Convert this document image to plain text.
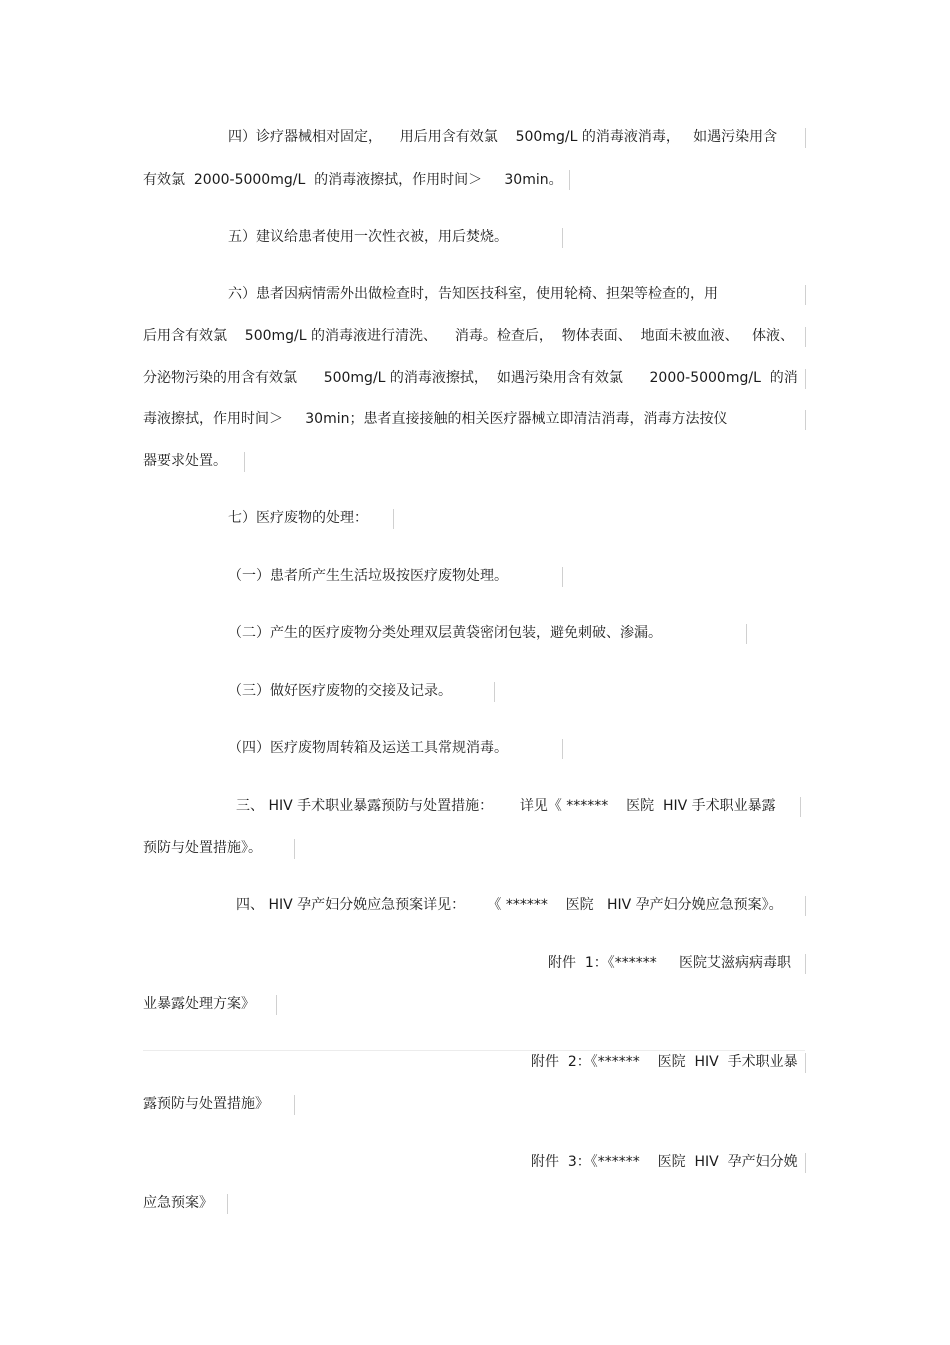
四）诊疗器械相对固定，    用后用含有效氯    500mg/L 的消毒液消毒，   如遇污染用含

有效氯  2000-5000mg/L  的消毒液擦拭，作用时间＞     30min。

五）建议给患者使用一次性衣被，用后焚烧。

六）患者因病情需外出做检查时，告知医技科室，使用轮椅、担架等检查的，用

后用含有效氯    500mg/L 的消毒液进行清洗、    消毒。检查后，  物体表面、  地面未被血液、   体液、

分泌物污染的用含有效氯      500mg/L 的消毒液擦拭，  如遇污染用含有效氯      2000-5000mg/L  的消

毒液擦拭，作用时间＞     30min；患者直接接触的相关医疗器械立即清洁消毒，消毒方法按仪

器要求处置。

七）医疗废物的处理：

（一）患者所产生生活垃圾按医疗废物处理。

（二）产生的医疗废物分类处理双层黄袋密闭包装，避免刺破、渗漏。

（三）做好医疗废物的交接及记录。

（四）医疗废物周转箱及运送工具常规消毒。

三、 HIV 手术职业暴露预防与处置措施：      详见《 ******    医院  HIV 手术职业暴露

预防与处置措施》。

四、 HIV 孕产妇分娩应急预案详见：     《 ******    医院   HIV 孕产妇分娩应急预案》。

附件  1：《******     医院艾滋病病毒职

业暴露处理方案》

附件  2：《******    医院  HIV  手术职业暴

露预防与处置措施》

附件  3：《******    医院  HIV  孕产妇分娩

应急预案》
